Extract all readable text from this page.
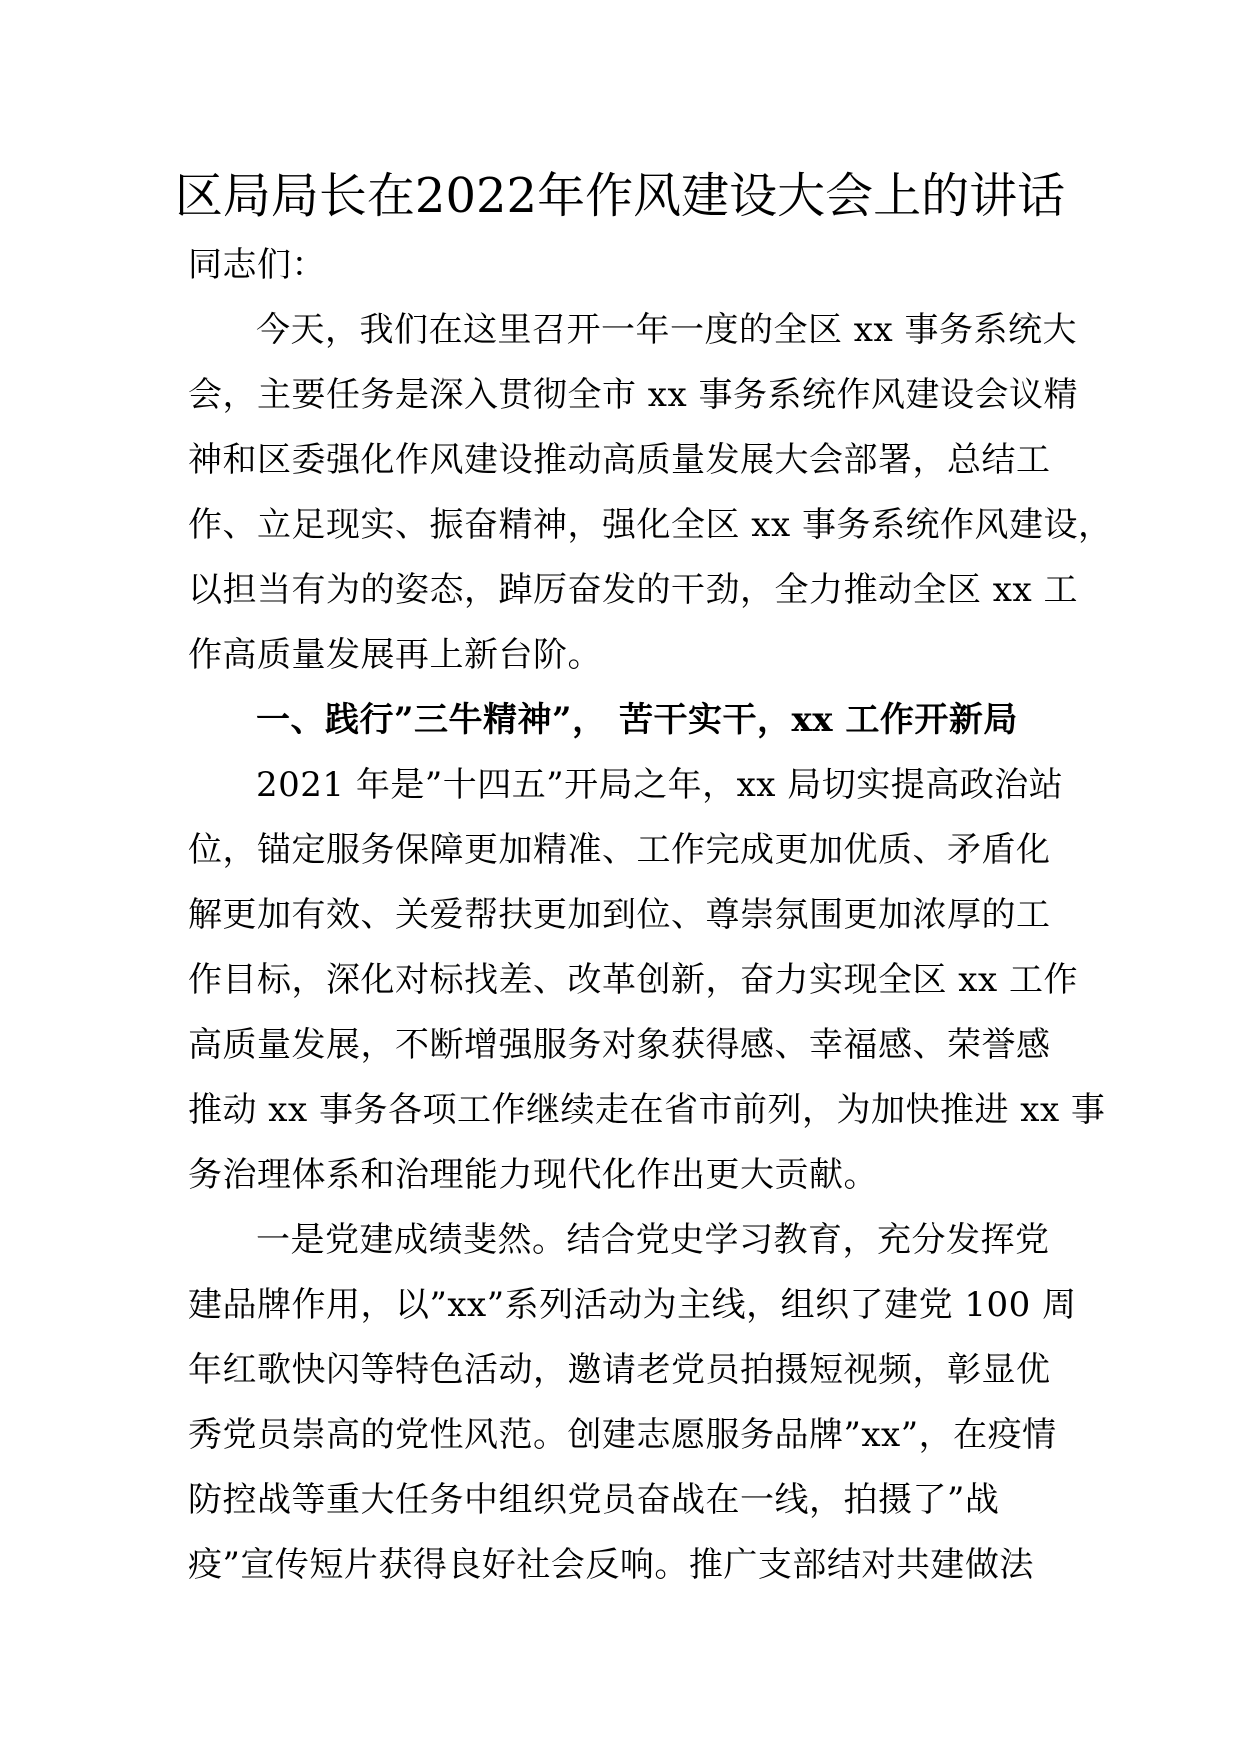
区局局长在2022年作风建设大会上的讲话
同志们：
今天，我们在这里召开一年一度的全区 xx 事务系统大
会，主要任务是深入贯彻全市 xx 事务系统作风建设会议精
神和区委强化作风建设推动高质量发展大会部署，总结工
作、立足现实、振奋精神，强化全区 xx 事务系统作风建设，
以担当有为的姿态，踔厉奋发的干劲，全力推动全区 xx 工
作高质量发展再上新台阶。
一、践行”三牛精神”， 苦干实干，xx 工作开新局
2021 年是”十四五”开局之年，xx 局切实提高政治站
位，锚定服务保障更加精准、工作完成更加优质、矛盾化
解更加有效、关爱帮扶更加到位、尊崇氛围更加浓厚的工
作目标，深化对标找差、改革创新，奋力实现全区 xx 工作
高质量发展，不断增强服务对象获得感、幸福感、荣誉感
推动 xx 事务各项工作继续走在省市前列，为加快推进 xx 事
务治理体系和治理能力现代化作出更大贡献。
一是党建成绩斐然。结合党史学习教育，充分发挥党
建品牌作用，以”xx”系列活动为主线，组织了建党 100 周
年红歌快闪等特色活动，邀请老党员拍摄短视频，彰显优
秀党员崇高的党性风范。创建志愿服务品牌”xx”，在疫情
防控战等重大任务中组织党员奋战在一线，拍摄了”战
疫”宣传短片获得良好社会反响。推广支部结对共建做法
